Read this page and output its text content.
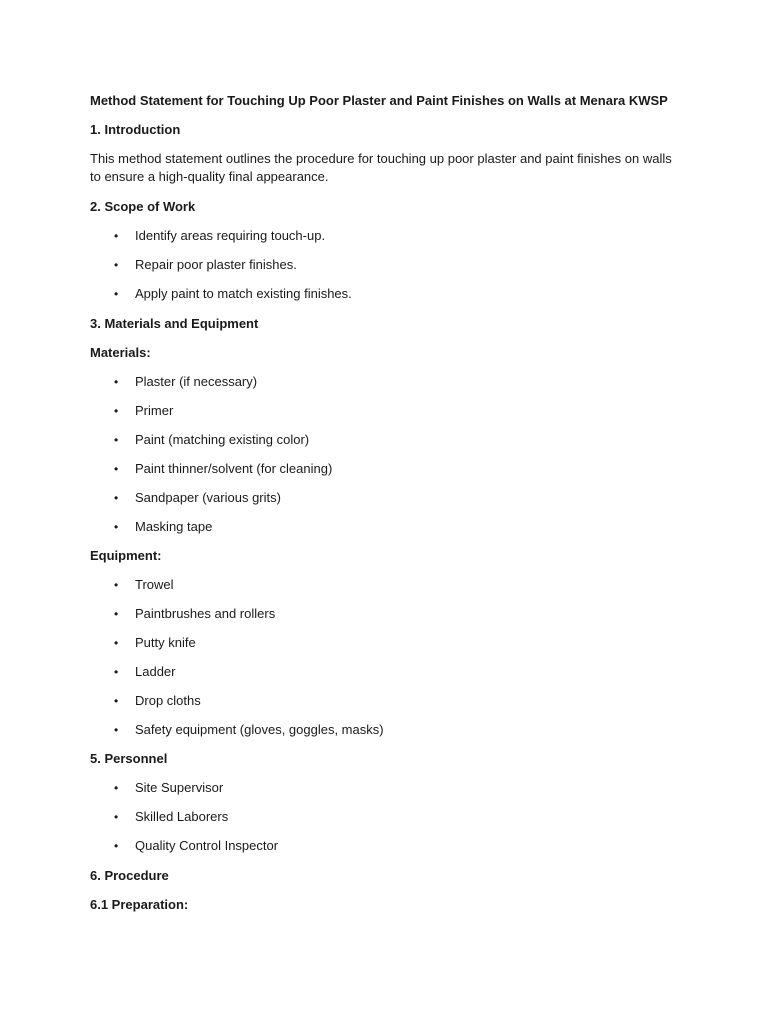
Method Statement for Touching Up Poor Plaster and Paint Finishes on Walls at Menara KWSP
1. Introduction
This method statement outlines the procedure for touching up poor plaster and paint finishes on walls
to ensure a high-quality final appearance.
2. Scope of Work
• Identify areas requiring touch-up.
• Repair poor plaster finishes.
• Apply paint to match existing finishes.
3. Materials and Equipment
Materials:
• Plaster (if necessary)
• Primer
• Paint (matching existing color)
• Paint thinner/solvent (for cleaning)
• Sandpaper (various grits)
• Masking tape
Equipment:
• Trowel
• Paintbrushes and rollers
• Putty knife
• Ladder
• Drop cloths
• Safety equipment (gloves, goggles, masks)
5. Personnel
• Site Supervisor
• Skilled Laborers
• Quality Control Inspector
6. Procedure
6.1 Preparation:
